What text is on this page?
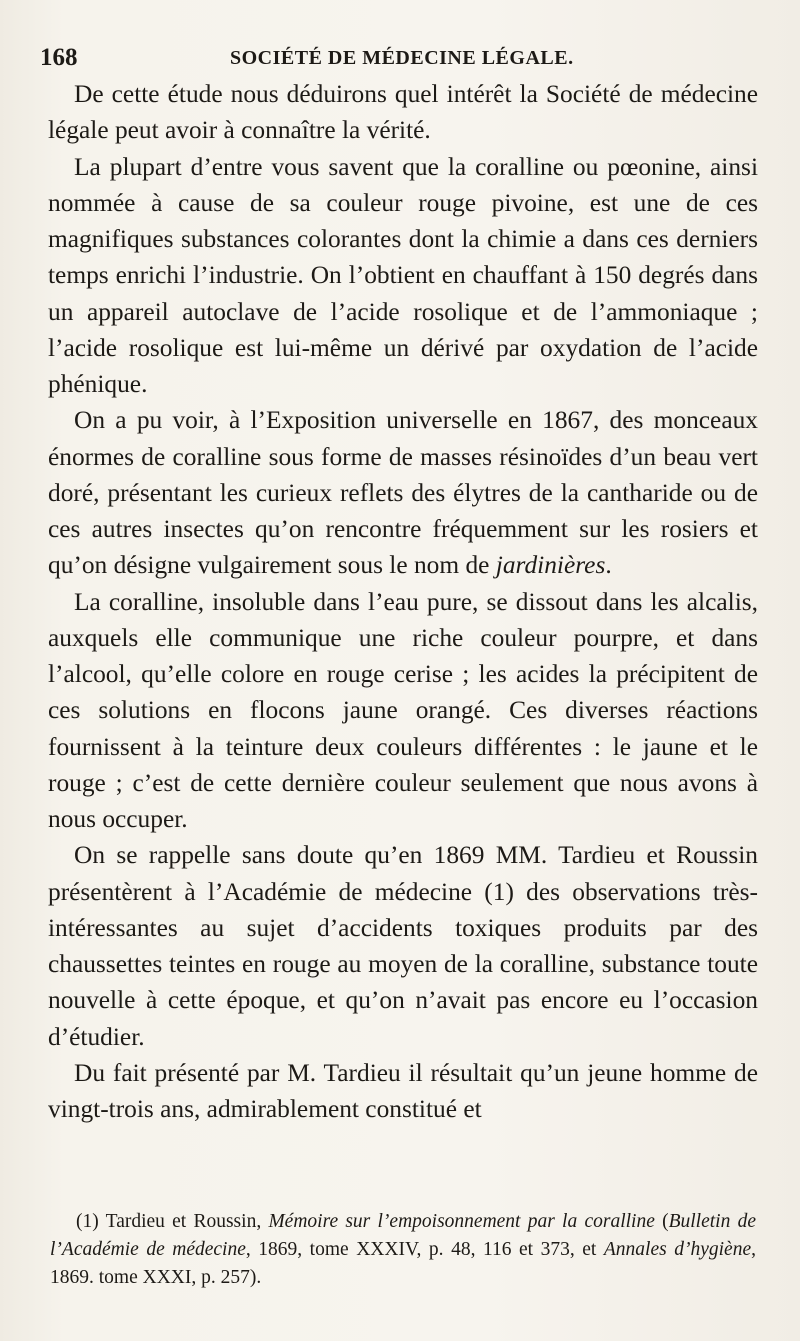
168	SOCIÉTÉ DE MÉDECINE LÉGALE.

De cette étude nous déduirons quel intérêt la Société de médecine légale peut avoir à connaître la vérité.

La plupart d’entre vous savent que la coralline ou pœonine, ainsi nommée à cause de sa couleur rouge pivoine, est une de ces magnifiques substances colorantes dont la chimie a dans ces derniers temps enrichi l’industrie. On l’obtient en chauffant à 150 degrés dans un appareil autoclave de l’acide rosolique et de l’ammoniaque ; l’acide rosolique est lui-même un dérivé par oxydation de l’acide phénique.

On a pu voir, à l’Exposition universelle en 1867, des monceaux énormes de coralline sous forme de masses résinoïdes d’un beau vert doré, présentant les curieux reflets des élytres de la cantharide ou de ces autres insectes qu’on rencontre fréquemment sur les rosiers et qu’on désigne vulgairement sous le nom de jardinières.

La coralline, insoluble dans l’eau pure, se dissout dans les alcalis, auxquels elle communique une riche couleur pourpre, et dans l’alcool, qu’elle colore en rouge cerise ; les acides la précipitent de ces solutions en flocons jaune orangé. Ces diverses réactions fournissent à la teinture deux couleurs différentes : le jaune et le rouge ; c’est de cette dernière couleur seulement que nous avons à nous occuper.

On se rappelle sans doute qu’en 1869 MM. Tardieu et Roussin présentèrent à l’Académie de médecine (1) des observations très-intéressantes au sujet d’accidents toxiques produits par des chaussettes teintes en rouge au moyen de la coralline, substance toute nouvelle à cette époque, et qu’on n’avait pas encore eu l’occasion d’étudier.

Du fait présenté par M. Tardieu il résultait qu’un jeune homme de vingt-trois ans, admirablement constitué et

(1) Tardieu et Roussin, Mémoire sur l’empoisonnement par la coralline (Bulletin de l’Académie de médecine, 1869, tome XXXIV, p. 48, 116 et 373, et Annales d’hygiène, 1869. tome XXXI, p. 257).
